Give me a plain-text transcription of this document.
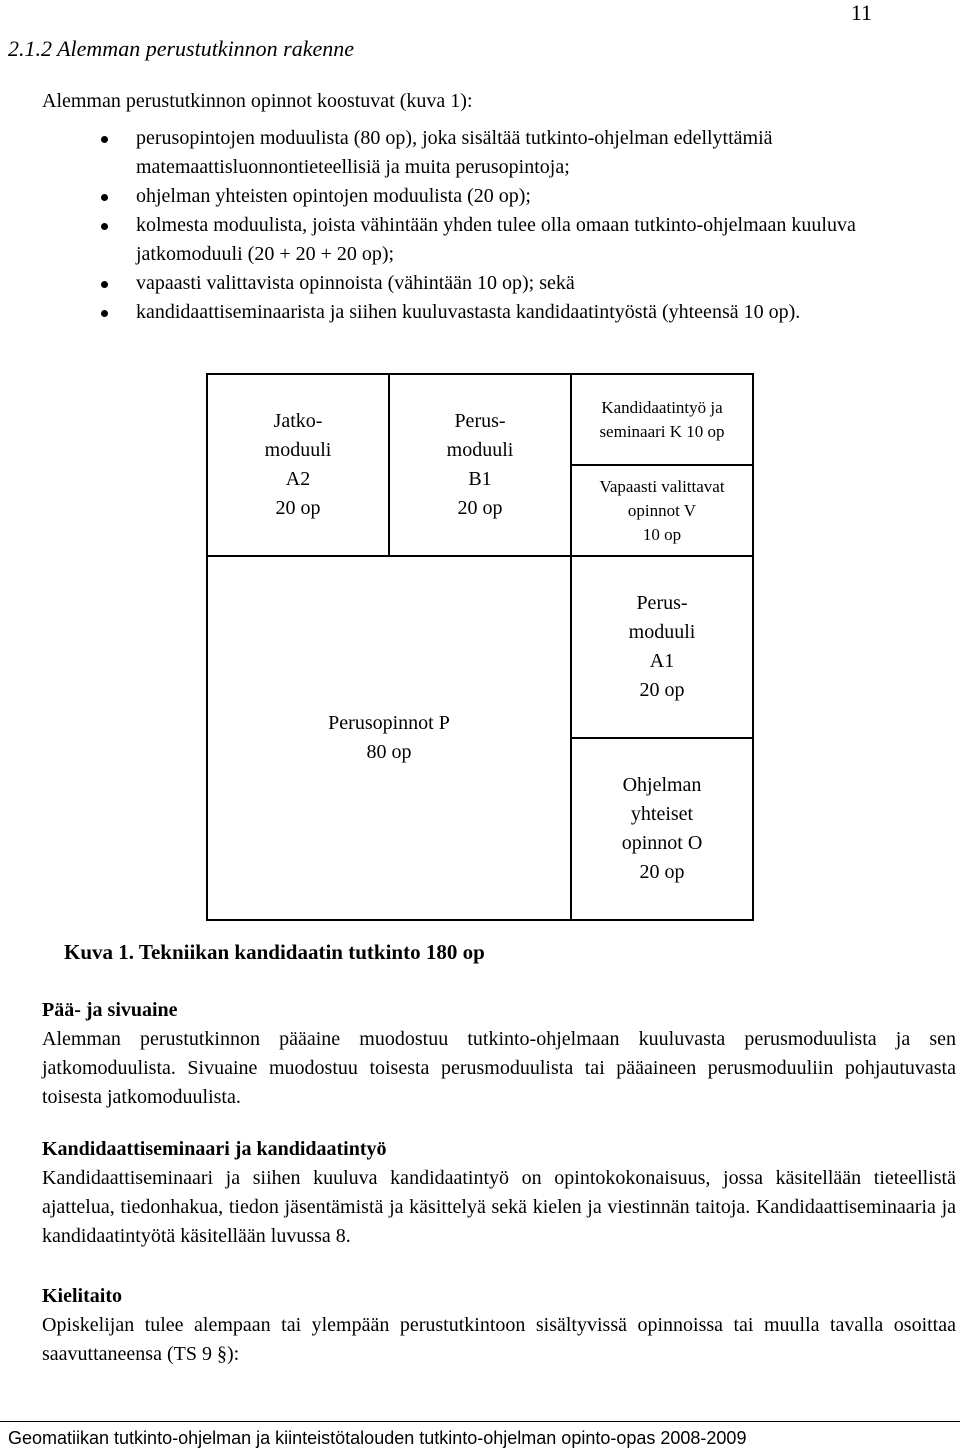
11
2.1.2 Alemman perustutkinnon rakenne
Alemman perustutkinnon opinnot koostuvat (kuva 1):
perusopintojen moduulista (80 op), joka sisältää tutkinto-ohjelman edellyttämiä matemaattisluonnontieteellisiä ja muita perusopintoja;
ohjelman yhteisten opintojen moduulista (20 op);
kolmesta moduulista, joista vähintään yhden tulee olla omaan tutkinto-ohjelmaan kuuluva jatkomoduuli (20 + 20 + 20 op);
vapaasti valittavista opinnoista (vähintään 10 op); sekä
kandidaattiseminaarista ja siihen kuuluvastasta kandidaatintyöstä (yhteensä 10 op).
Jatko-
moduuli
A2
20 op
Perus-
moduuli
B1
20 op
Kandidaatintyö ja
seminaari K 10 op
Vapaasti valittavat
opinnot V
10 op
Perusopinnot P
80 op
Perus-
moduuli
A1
20 op
Ohjelman
yhteiset
opinnot O
20 op
Kuva 1. Tekniikan kandidaatin tutkinto 180 op
Pää- ja sivuaine

Alemman perustutkinnon pääaine muodostuu tutkinto-ohjelmaan kuuluvasta perusmoduulista ja sen jatkomoduulista. Sivuaine muodostuu toisesta perusmoduulista tai pääaineen perusmoduuliin pohjautuvasta toisesta jatkomoduulista.

Kandidaattiseminaari ja kandidaatintyö

Kandidaattiseminaari ja siihen kuuluva kandidaatintyö on opintokokonaisuus, jossa käsitellään tieteellistä ajattelua, tiedonhakua, tiedon jäsentämistä ja käsittelyä sekä kielen ja viestinnän taitoja. Kandidaattiseminaaria ja kandidaatintyötä käsitellään luvussa 8.

Kielitaito

Opiskelijan tulee alempaan tai ylempään perustutkintoon sisältyvissä opinnoissa tai muulla tavalla osoittaa saavuttaneensa (TS 9 §):

Geomatiikan tutkinto-ohjelman ja kiinteistötalouden tutkinto-ohjelman opinto-opas 2008-2009
